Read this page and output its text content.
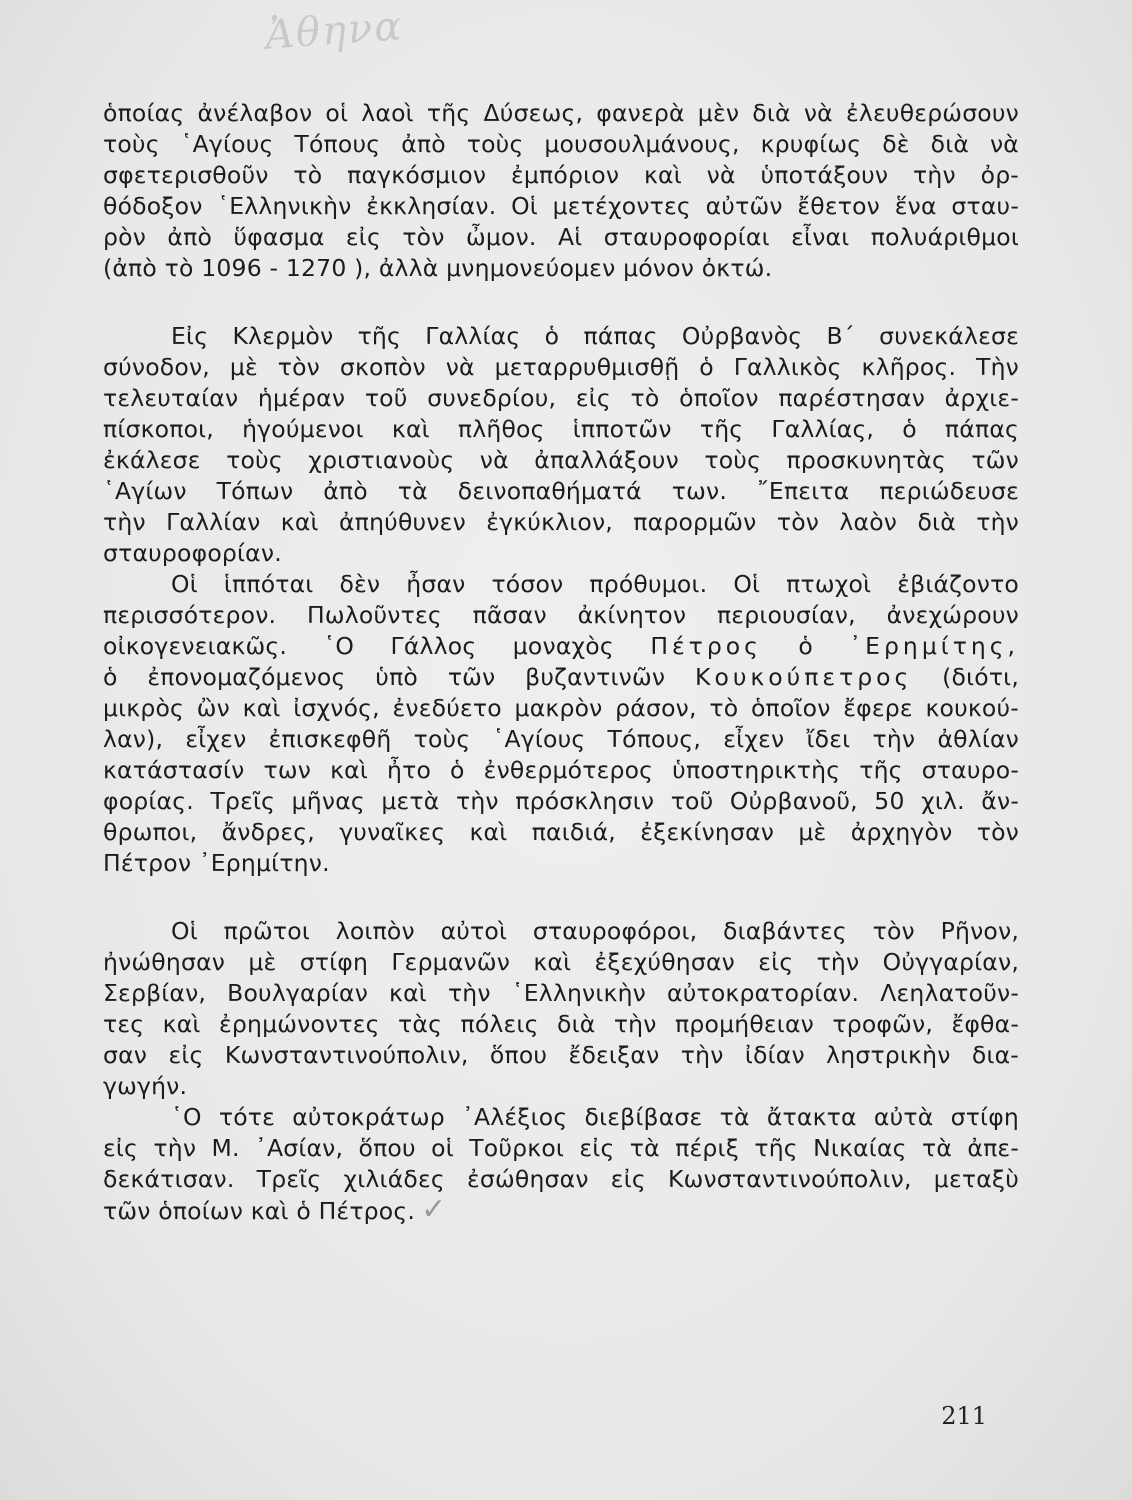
Ἀθηνα
ὁποίας ἀνέλαβον οἱ λαοὶ τῆς Δύσεως, φανερὰ μὲν διὰ νὰ ἐλευθερώσουν
τοὺς ῾Αγίους Τόπους ἀπὸ τοὺς μουσουλμάνους, κρυφίως δὲ διὰ νὰ
σφετερισθοῦν τὸ παγκόσμιον ἐμπόριον καὶ νὰ ὑποτάξουν τὴν ὀρ-
θόδοξον ῾Ελληνικὴν ἐκκλησίαν. Οἱ μετέχοντες αὐτῶν ἔθετον ἕνα σταυ-
ρὸν ἀπὸ ὕφασμα εἰς τὸν ὦμον. Αἱ σταυροφορίαι εἶναι πολυάριθμοι
(ἀπὸ τὸ 1096 - 1270 ), ἀλλὰ μνημονεύομεν μόνον ὀκτώ.
Εἰς Κλερμὸν τῆς Γαλλίας ὁ πάπας Οὐρβανὸς Β΄ συνεκάλεσε
σύνοδον, μὲ τὸν σκοπὸν νὰ μεταρρυθμισθῇ ὁ Γαλλικὸς κλῆρος. Τὴν
τελευταίαν ἡμέραν τοῦ συνεδρίου, εἰς τὸ ὁποῖον παρέστησαν ἀρχιε-
πίσκοποι, ἡγούμενοι καὶ πλῆθος ἱπποτῶν τῆς Γαλλίας, ὁ πάπας
ἐκάλεσε τοὺς χριστιανοὺς νὰ ἀπαλλάξουν τοὺς προσκυνητὰς τῶν
῾Αγίων Τόπων ἀπὸ τὰ δεινοπαθήματά των. ῎Επειτα περιώδευσε
τὴν Γαλλίαν καὶ ἀπηύθυνεν ἐγκύκλιον, παρορμῶν τὸν λαὸν διὰ τὴν
σταυροφορίαν.
Οἱ ἱππόται δὲν ἦσαν τόσον πρόθυμοι. Οἱ πτωχοὶ ἐβιάζοντο
περισσότερον. Πωλοῦντες πᾶσαν ἀκίνητον περιουσίαν, ἀνεχώρουν
οἰκογενειακῶς. ῾Ο Γάλλος μοναχὸς Πέτρος ὁ ᾿Ερημίτης,
ὁ ἐπονομαζόμενος ὑπὸ τῶν βυζαντινῶν Κουκούπετρος (διότι,
μικρὸς ὢν καὶ ἰσχνός, ἐνεδύετο μακρὸν ράσον, τὸ ὁποῖον ἔφερε κουκού-
λαν), εἶχεν ἐπισκεφθῆ τοὺς ῾Αγίους Τόπους, εἶχεν ἴδει τὴν ἀθλίαν
κατάστασίν των καὶ ἦτο ὁ ἐνθερμότερος ὑποστηρικτὴς τῆς σταυρο-
φορίας. Τρεῖς μῆνας μετὰ τὴν πρόσκλησιν τοῦ Οὐρβανοῦ, 50 χιλ. ἄν-
θρωποι, ἄνδρες, γυναῖκες καὶ παιδιά, ἐξεκίνησαν μὲ ἀρχηγὸν τὸν
Πέτρον ᾿Ερημίτην.
Οἱ πρῶτοι λοιπὸν αὐτοὶ σταυροφόροι, διαβάντες τὸν Ρῆνον,
ἠνώθησαν μὲ στίφη Γερμανῶν καὶ ἐξεχύθησαν εἰς τὴν Οὐγγαρίαν,
Σερβίαν, Βουλγαρίαν καὶ τὴν ῾Ελληνικὴν αὐτοκρατορίαν. Λεηλατοῦν-
τες καὶ ἐρημώνοντες τὰς πόλεις διὰ τὴν προμήθειαν τροφῶν, ἔφθα-
σαν εἰς Κωνσταντινούπολιν, ὅπου ἔδειξαν τὴν ἰδίαν ληστρικὴν δια-
γωγήν.
῾Ο τότε αὐτοκράτωρ ᾿Αλέξιος διεβίβασε τὰ ἄτακτα αὐτὰ στίφη
εἰς τὴν Μ. ᾿Ασίαν, ὅπου οἱ Τοῦρκοι εἰς τὰ πέριξ τῆς Νικαίας τὰ ἀπε-
δεκάτισαν. Τρεῖς χιλιάδες ἐσώθησαν εἰς Κωνσταντινούπολιν, μεταξὺ
τῶν ὁποίων καὶ ὁ Πέτρος. ✓
211
